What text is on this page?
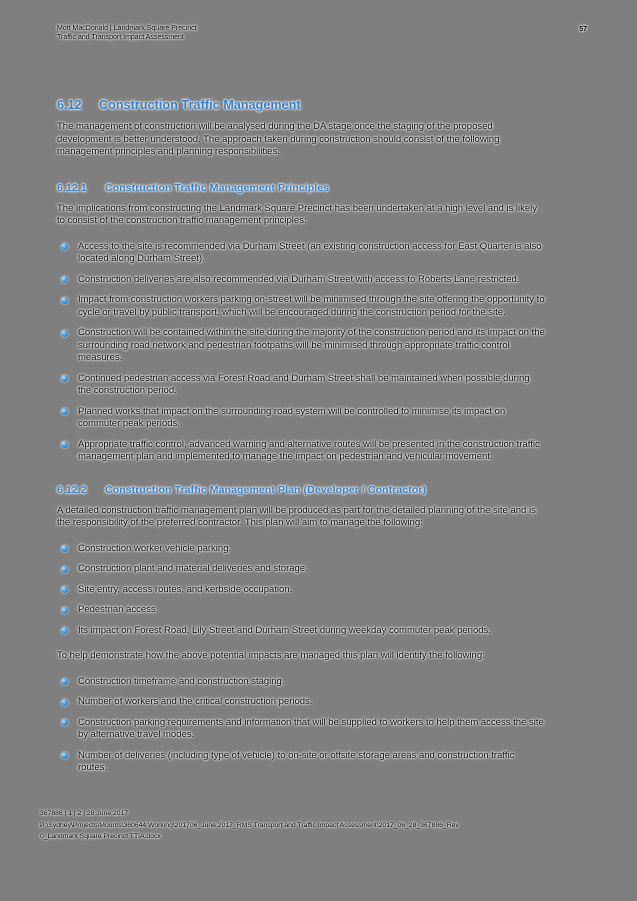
Mott MacDonald | Landmark Square Precinct
Traffic and Transport Impact Assessment
57
6.12 Construction Traffic Management

The management of construction will be analysed during the DA stage once the staging of the proposed development is better understood. The approach taken during construction should consist of the following management principles and planning responsibilities.

6.12.1 Construction Traffic Management Principles

The implications from constructing the Landmark Square Precinct has been undertaken at a high level and is likely to consist of the construction traffic management principles:

Access to the site is recommended via Durham Street (an existing construction access for East Quarter is also located along Durham Street).
Construction deliveries are also recommended via Durham Street with access to Roberts Lane restricted.
Impact from construction workers parking on-street will be minimised through the site offering the opportunity to cycle or travel by public transport, which will be encouraged during the construction period for the site.
Construction will be contained within the site during the majority of the construction period and its impact on the surrounding road network and pedestrian footpaths will be minimised through appropriate traffic control measures.
Continued pedestrian access via Forest Road and Durham Street shall be maintained when possible during the construction period.
Planned works that impact on the surrounding road system will be controlled to minimise its impact on commuter peak periods.
Appropriate traffic control, advanced warning and alternative routes will be presented in the construction traffic management plan and implemented to manage the impact on pedestrian and vehicular movement.
6.12.2 Construction Traffic Management Plan (Developer / Contractor)

A detailed construction traffic management plan will be produced as part for the detailed planning of the site and is the responsibility of the preferred contractor. This plan will aim to manage the following:

Construction worker vehicle parking.
Construction plant and material deliveries and storage.
Site entry, access routes, and kerbside occupation.
Pedestrian access.
Its impact on Forest Road, Lily Street and Durham Street during weekday commuter peak periods.

To help demonstrate how the above potential impacts are managed this plan will identify the following:

Construction timeframe and construction staging.
Number of workers and the critical construction periods.
Construction parking requirements and information that will be supplied to workers to help them access the site by alternative travel modes.
Number of deliveries (including type of vehicle) to on-site or offsite storage areas and construction traffic routes.
367886 | 1 | 2 | 28 June 2017
P:\Sydney\Projects\Mounts\360644 Working\201706_June 2017_RMS Transport and Traffic Impact Assessment\2017_06_28_367886_Rev
0_Landmark Square Precinct TTIA.docx
